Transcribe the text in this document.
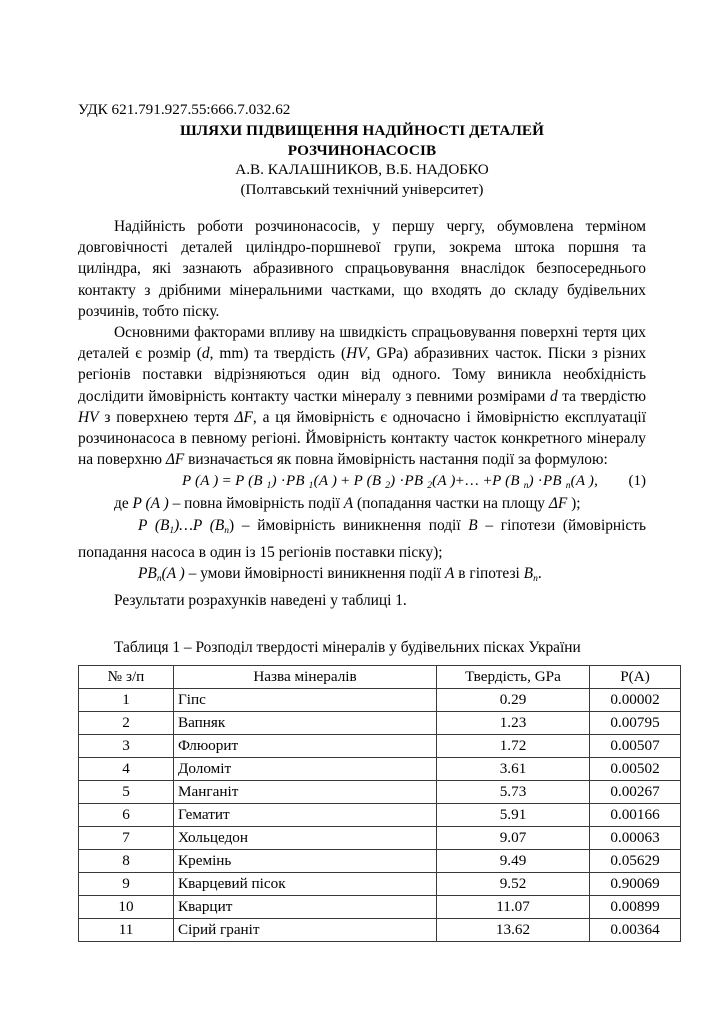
УДК 621.791.927.55:666.7.032.62

ШЛЯХИ ПІДВИЩЕННЯ НАДІЙНОСТІ ДЕТАЛЕЙ

РОЗЧИНОНАСОСІВ

А.В. КАЛАШНИКОВ, В.Б. НАДОБКО

(Полтавський технічний університет)

Надійність роботи розчинонасосів, у першу чергу, обумовлена терміном довговічності деталей циліндро-поршневої групи, зокрема штока поршня та циліндра, які зазнають абразивного спрацьовування внаслідок безпосереднього контакту з дрібними мінеральними частками, що входять до складу будівельних розчинів, тобто піску.

Основними факторами впливу на швидкість спрацьовування поверхні тертя цих деталей є розмір (d, mm) та твердість (HV, GPa) абразивних часток. Піски з різних регіонів поставки відрізняються один від одного. Тому виникла необхідність дослідити ймовірність контакту частки мінералу з певними розмірами d та твердістю HV з поверхнею тертя ΔF, а ця ймовірність є одночасно і ймовірністю експлуатації розчинонасоса в певному регіоні. Ймовірність контакту часток конкретного мінералу на поверхню ΔF визначається як повна ймовірність настання події за формулою:

P (A ) = P (B $_1$) ·PB $_1$(A ) + P (B $_2$) ·PB $_2$(A )+… +P (B $_n$) ·PB $_n$(A ), (1)

де P (A ) – повна ймовірність події A (попадання частки на площу ΔF );

P $(B_1)\dots P$ $(B_n)$ – ймовірність виникнення події B – гіпотези (ймовірність попадання насоса в один із 15 регіонів поставки піску);

$PB_n(A$ ) – умови ймовірності виникнення події A в гіпотезі $B_n$.

Результати розрахунків наведені у таблиці 1.

Таблиця 1 – Розподіл твердості мінералів у будівельних пісках України

№ з/п	Назва мінералів	Твердість, GPa	P(A)
1	Гіпс	0.29	0.00002
2	Вапняк	1.23	0.00795
3	Флюорит	1.72	0.00507
4	Доломіт	3.61	0.00502
5	Манганіт	5.73	0.00267
6	Гематит	5.91	0.00166
7	Хольцедон	9.07	0.00063
8	Кремінь	9.49	0.05629
9	Кварцевий пісок	9.52	0.90069
10	Кварцит	11.07	0.00899
11	Сірий граніт	13.62	0.00364
